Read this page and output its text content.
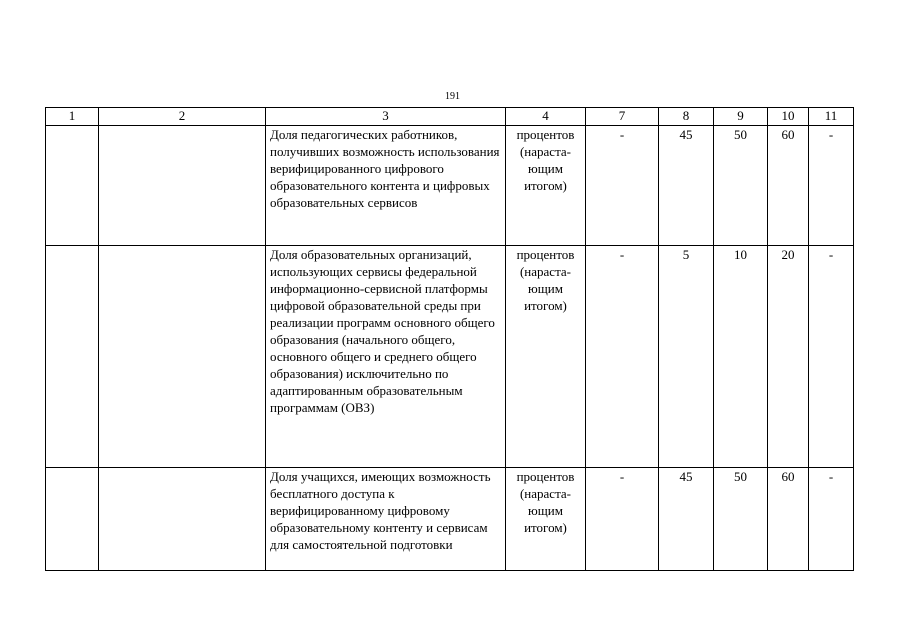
191
1	2	3	4	7	8	9	10	11
		Доля педагогических работников, получивших возможность использования верифицированного цифрового образовательного контента и цифровых образовательных сервисов	процентов (нараста-ющим итогом)	-	45	50	60	-
		Доля образовательных организаций, использующих сервисы федеральной информационно-сервисной платформы цифровой образовательной среды при реализации программ основного общего образования (начального общего, основного общего и среднего общего образования) исключительно по адаптированным образовательным программам (ОВЗ)	процентов (нараста-ющим итогом)	-	5	10	20	-
		Доля учащихся, имеющих возможность бесплатного доступа к верифицированному цифровому образовательному контенту и сервисам для самостоятельной подготовки	процентов (нараста-ющим итогом)	-	45	50	60	-
